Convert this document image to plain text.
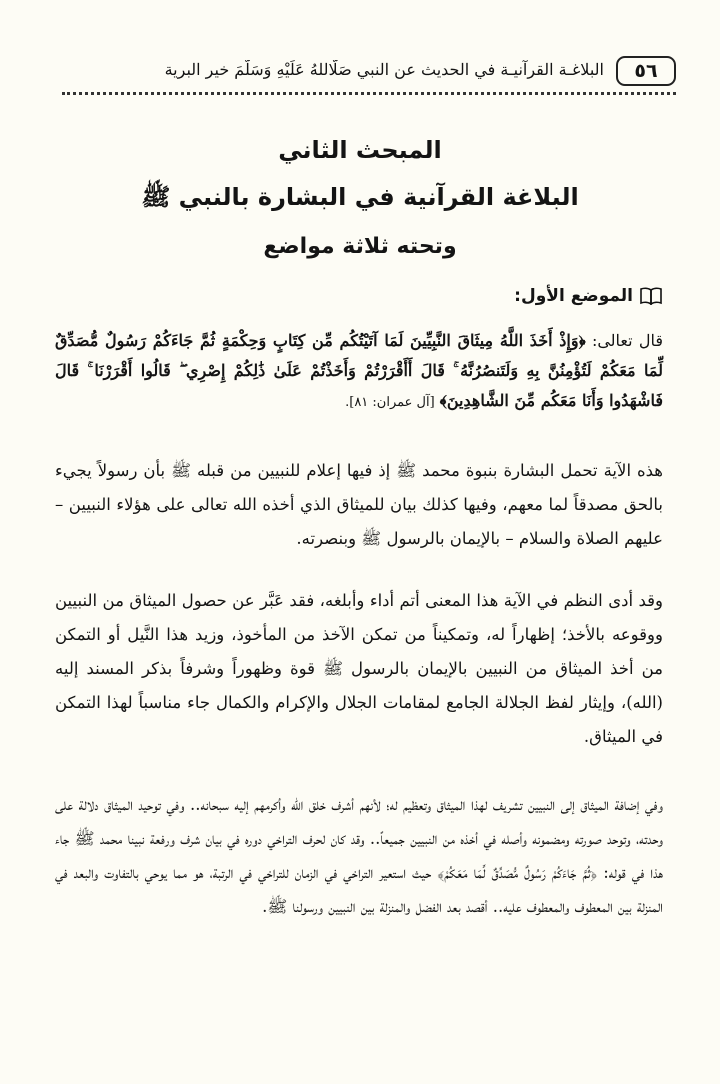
٥٦
البلاغـة القرآنيـة في الحديث عن النبي صَلَّاللهُ عَلَيْهِ وَسَلَّمَ خير البرية
المبحث الثاني
البلاغة القرآنية في البشارة بالنبي ﷺ
وتحته ثلاثة مواضع
الموضع الأول:
قال تعالى: ﴿وَإِذْ أَخَذَ اللَّهُ مِيثَاقَ النَّبِيِّينَ لَمَا آتَيْتُكُم مِّن كِتَابٍ وَحِكْمَةٍ ثُمَّ جَاءَكُمْ رَسُولٌ مُّصَدِّقٌ لِّمَا مَعَكُمْ لَتُؤْمِنُنَّ بِهِ وَلَتَنصُرُنَّهُ ۚ قَالَ أَأَقْرَرْتُمْ وَأَخَذْتُمْ عَلَىٰ ذَٰلِكُمْ إِصْرِي ۖ قَالُوا أَقْرَرْنَا ۚ قَالَ فَاشْهَدُوا وَأَنَا مَعَكُم مِّنَ الشَّاهِدِينَ﴾ [آل عمران: ٨١].
هذه الآية تحمل البشارة بنبوة محمد ﷺ إذ فيها إعلام للنبيين من قبله ﷺ بأن رسولاً يجيء بالحق مصدقاً لما معهم، وفيها كذلك بيان للميثاق الذي أخذه الله تعالى على هؤلاء النبيين – عليهم الصلاة والسلام – بالإيمان بالرسول ﷺ وبنصرته.
وقد أدى النظم في الآية هذا المعنى أتم أداء وأبلغه، فقد عَبَّر عن حصول الميثاق من النبيين ووقوعه بالأخذ؛ إظهاراً له، وتمكيناً من تمكن الآخذ من المأخوذ، وزيد هذا النَّيل أو التمكن من أخذ الميثاق من النبيين بالإيمان بالرسول ﷺ قوة وظهوراً وشرفاً بذكر المسند إليه (الله)، وإيثار لفظ الجلالة الجامع لمقامات الجلال والإكرام والكمال جاء مناسباً لهذا التمكن في الميثاق.
وفي إضافة الميثاق إلى النبيين تشريف لهذا الميثاق وتعظيم له؛ لأنهم أشرف خلق الله وأكرمهم إليه سبحانه.. وفي توحيد الميثاق دلالة على وحدته، وتوحد صورته ومضمونه وأصله في أخذه من النبيين جميعاً.. وقد كان لحرف التراخي دوره في بيان شرف ورفعة نبينا محمد ﷺ جاء هذا في قوله: ﴿ثُمَّ جَاءَكُمْ رَسُولٌ مُّصَدِّقٌ لِّمَا مَعَكُمْ﴾ حيث استعير التراخي في الزمان للتراخي في الرتبة، هو مما يوحي بالتفاوت والبعد في المنزلة بين المعطوف والمعطوف عليه.. أقصد بعد الفضل والمنزلة بين النبيين ورسولنا ﷺ.
